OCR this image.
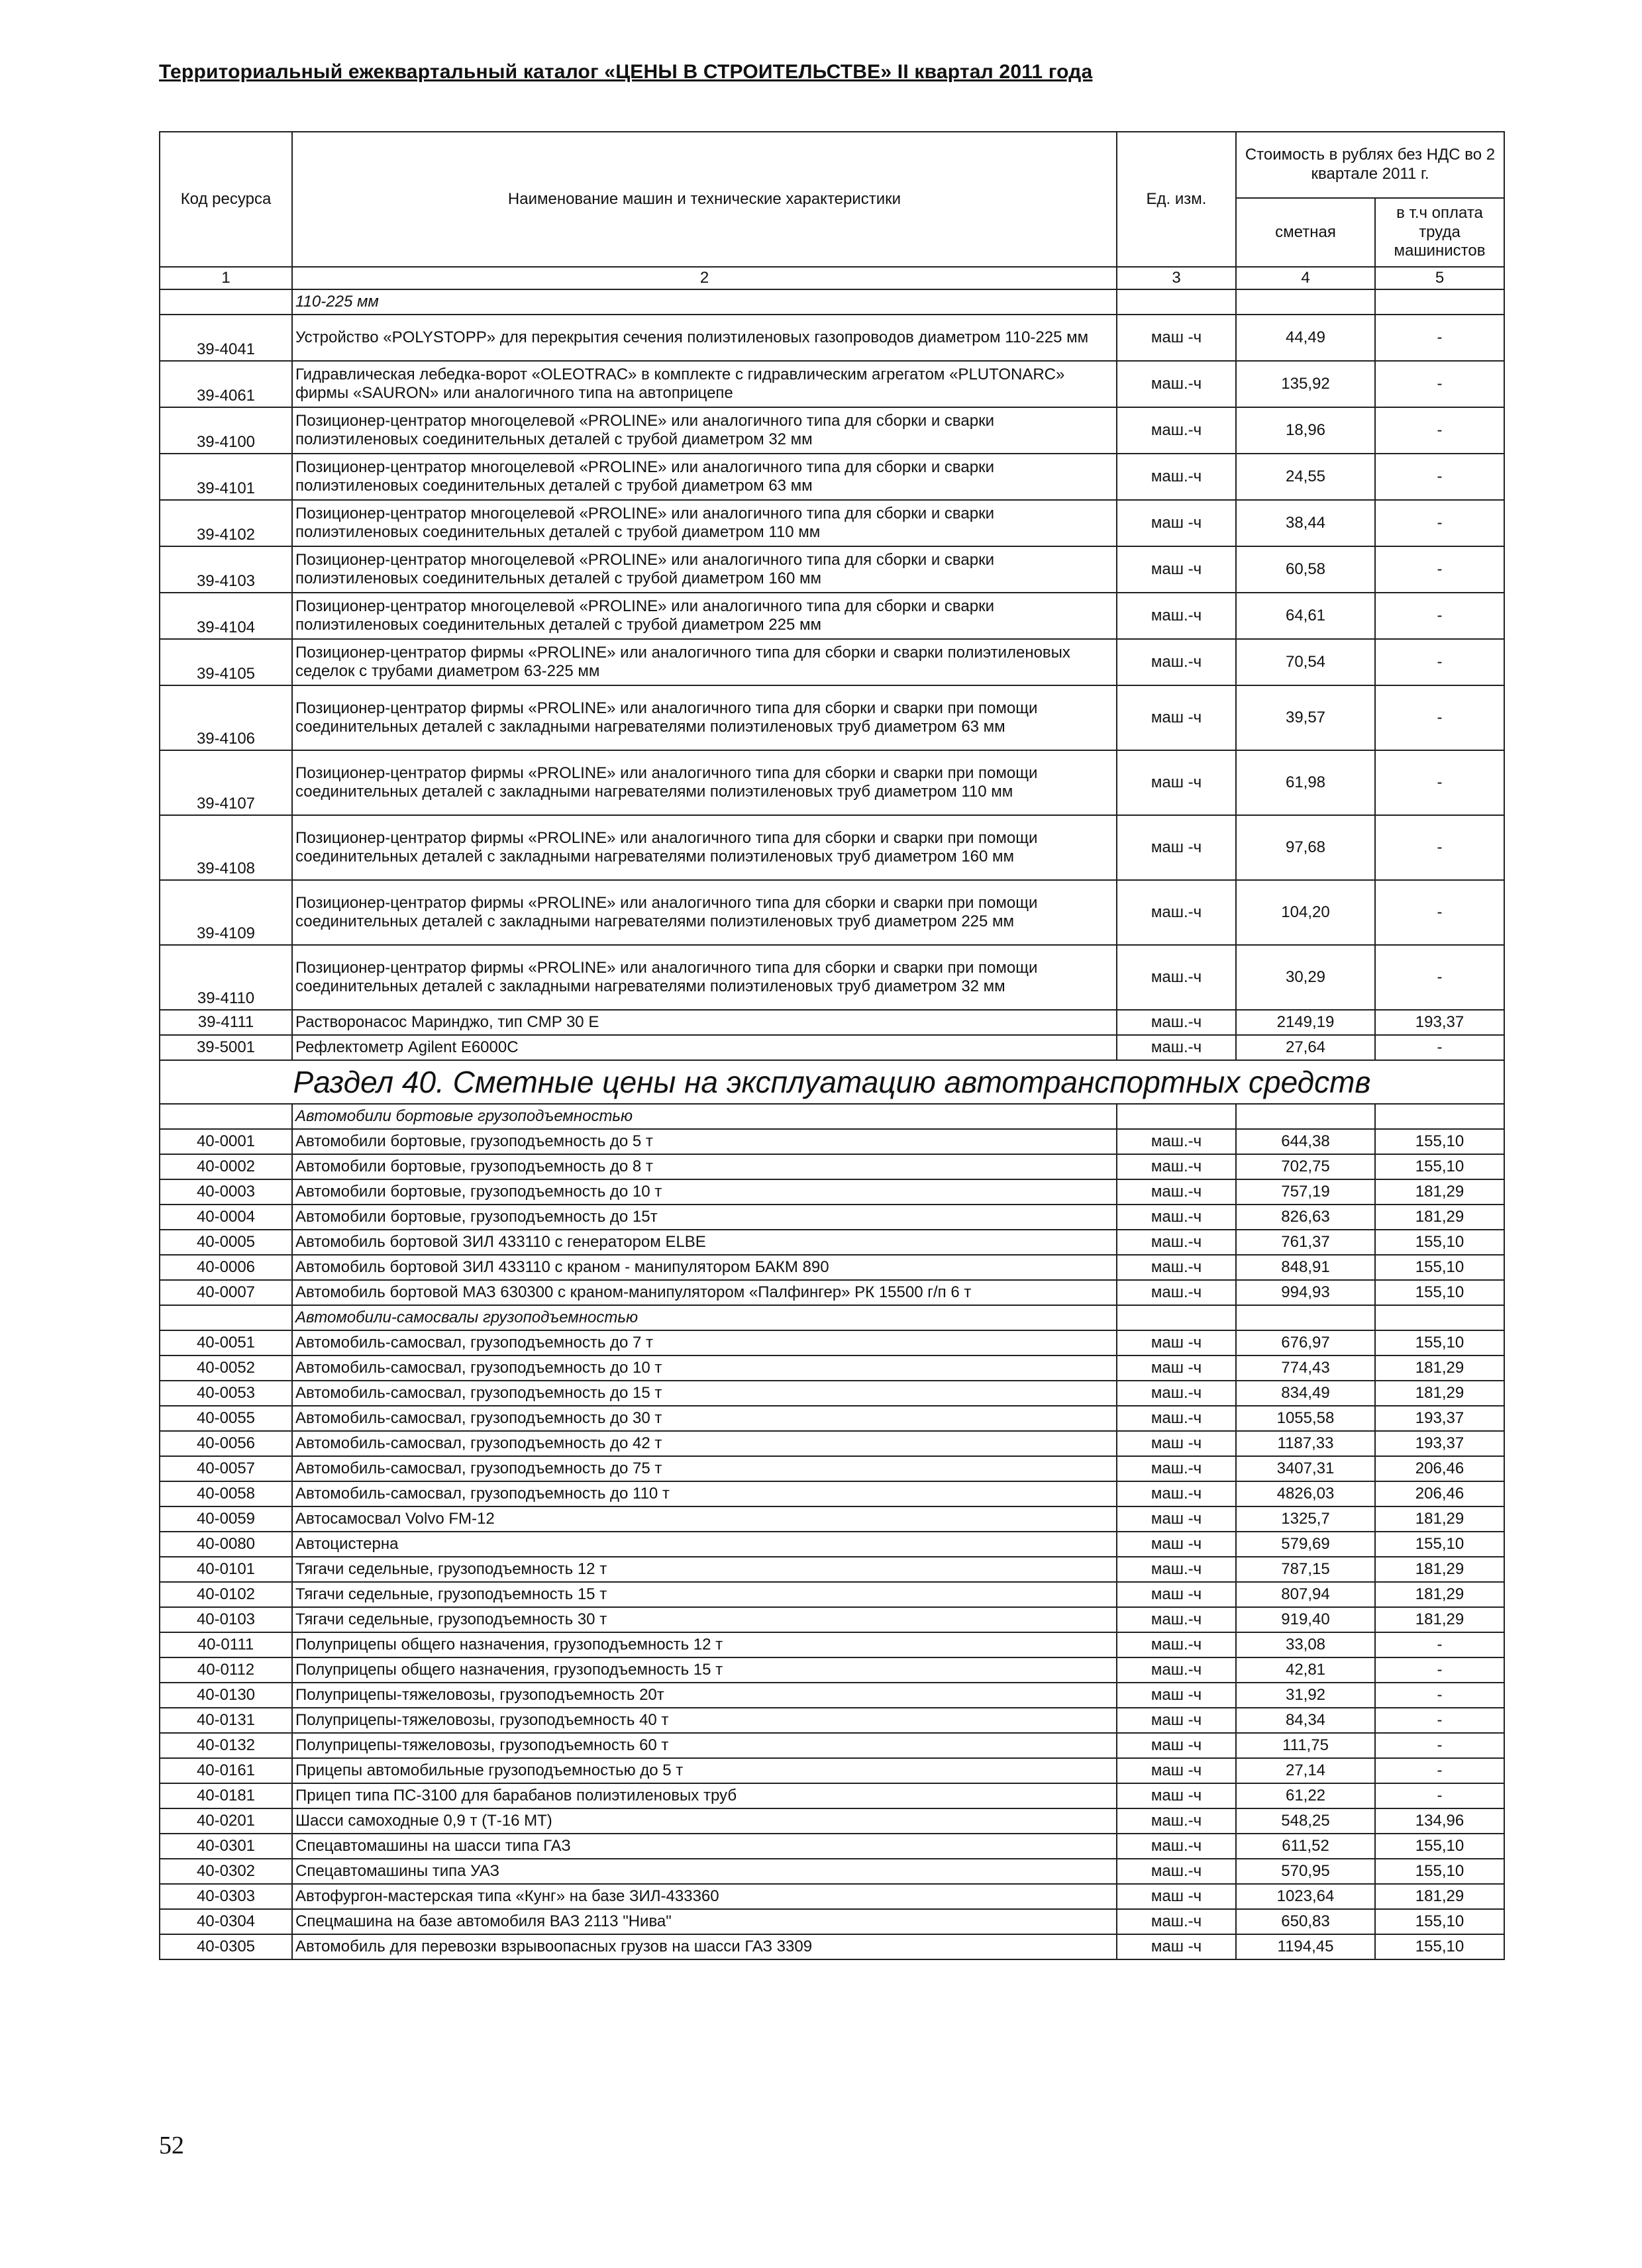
Территориальный ежеквартальный каталог «ЦЕНЫ В СТРОИТЕЛЬСТВЕ» II квартал 2011 года
Код ресурса	Наименование машин и технические характеристики	Ед. изм.	Стоимость в рублях без НДС во 2 квартале 2011 г.	
			сметная	в т.ч оплата труда машинистов
1	2	3	4	5
	110-225 мм			
39-4041	Устройство «POLYSTOPP» для перекрытия сечения полиэтиленовых газопроводов диаметром 110-225 мм	маш -ч	44,49	-
39-4061	Гидравлическая лебедка-ворот «OLEOTRAC» в комплекте с гидравлическим агрегатом «PLUTONARC» фирмы «SAURON» или аналогичного типа на автоприцепе	маш.-ч	135,92	-
39-4100	Позиционер-центратор многоцелевой «PROLINE» или аналогичного типа для сборки и сварки полиэтиленовых соединительных деталей с трубой диаметром 32 мм	маш.-ч	18,96	-
39-4101	Позиционер-центратор многоцелевой «PROLINE» или аналогичного типа для сборки и сварки полиэтиленовых соединительных деталей с трубой диаметром 63 мм	маш.-ч	24,55	-
39-4102	Позиционер-центратор многоцелевой «PROLINE» или аналогичного типа для сборки и сварки полиэтиленовых соединительных деталей с трубой диаметром 110 мм	маш -ч	38,44	-
39-4103	Позиционер-центратор многоцелевой «PROLINE» или аналогичного типа для сборки и сварки полиэтиленовых соединительных деталей с трубой диаметром 160 мм	маш -ч	60,58	-
39-4104	Позиционер-центратор многоцелевой «PROLINE» или аналогичного типа для сборки и сварки полиэтиленовых соединительных деталей с трубой диаметром 225 мм	маш.-ч	64,61	-
39-4105	Позиционер-центратор фирмы «PROLINE» или аналогичного типа для сборки и сварки полиэтиленовых седелок с трубами диаметром 63-225 мм	маш.-ч	70,54	-
39-4106	Позиционер-центратор фирмы «PROLINE» или аналогичного типа для сборки и сварки при помощи соединительных деталей с закладными нагревателями полиэтиленовых труб диаметром 63 мм	маш -ч	39,57	-
39-4107	Позиционер-центратор фирмы «PROLINE» или аналогичного типа для сборки и сварки при помощи соединительных деталей с закладными нагревателями полиэтиленовых труб диаметром 110 мм	маш -ч	61,98	-
39-4108	Позиционер-центратор фирмы «PROLINE» или аналогичного типа для сборки и сварки при помощи соединительных деталей с закладными нагревателями полиэтиленовых труб диаметром 160 мм	маш -ч	97,68	-
39-4109	Позиционер-центратор фирмы «PROLINE» или аналогичного типа для сборки и сварки при помощи соединительных деталей с закладными нагревателями полиэтиленовых труб диаметром 225 мм	маш.-ч	104,20	-
39-4110	Позиционер-центратор фирмы «PROLINE» или аналогичного типа для сборки и сварки при помощи соединительных деталей с закладными нагревателями полиэтиленовых труб диаметром 32 мм	маш.-ч	30,29	-
39-4111	Растворонасос Маринджо, тип CMP 30 E	маш.-ч	2149,19	193,37
39-5001	Рефлектометр Agilent E6000C	маш.-ч	27,64	-
Раздел 40. Сметные цены на эксплуатацию автотранспортных средств				
	Автомобили бортовые грузоподъемностью			
40-0001	Автомобили бортовые, грузоподъемность до 5 т	маш.-ч	644,38	155,10
40-0002	Автомобили бортовые, грузоподъемность до 8 т	маш.-ч	702,75	155,10
40-0003	Автомобили бортовые, грузоподъемность до 10 т	маш.-ч	757,19	181,29
40-0004	Автомобили бортовые, грузоподъемность до 15т	маш.-ч	826,63	181,29
40-0005	Автомобиль бортовой ЗИЛ 433110 с генератором ELBE	маш.-ч	761,37	155,10
40-0006	Автомобиль бортовой ЗИЛ 433110 с краном - манипулятором БАКМ 890	маш.-ч	848,91	155,10
40-0007	Автомобиль бортовой МАЗ 630300 с краном-манипулятором «Палфингер» РК 15500 г/п 6 т	маш.-ч	994,93	155,10
	Автомобили-самосвалы грузоподъемностью			
40-0051	Автомобиль-самосвал, грузоподъемность до 7 т	маш -ч	676,97	155,10
40-0052	Автомобиль-самосвал, грузоподъемность до 10 т	маш -ч	774,43	181,29
40-0053	Автомобиль-самосвал, грузоподъемность до 15 т	маш.-ч	834,49	181,29
40-0055	Автомобиль-самосвал, грузоподъемность до 30 т	маш.-ч	1055,58	193,37
40-0056	Автомобиль-самосвал, грузоподъемность до 42 т	маш -ч	1187,33	193,37
40-0057	Автомобиль-самосвал, грузоподъемность до 75 т	маш.-ч	3407,31	206,46
40-0058	Автомобиль-самосвал, грузоподъемность до 110 т	маш.-ч	4826,03	206,46
40-0059	Автосамосвал Volvo FM-12	маш -ч	1325,7	181,29
40-0080	Автоцистерна	маш -ч	579,69	155,10
40-0101	Тягачи седельные, грузоподъемность 12 т	маш.-ч	787,15	181,29
40-0102	Тягачи седельные, грузоподъемность 15 т	маш -ч	807,94	181,29
40-0103	Тягачи седельные, грузоподъемность 30 т	маш.-ч	919,40	181,29
40-0111	Полуприцепы общего назначения, грузоподъемность 12 т	маш.-ч	33,08	-
40-0112	Полуприцепы общего назначения, грузоподъемность 15 т	маш.-ч	42,81	-
40-0130	Полуприцепы-тяжеловозы, грузоподъемность 20т	маш -ч	31,92	-
40-0131	Полуприцепы-тяжеловозы, грузоподъемность 40 т	маш -ч	84,34	-
40-0132	Полуприцепы-тяжеловозы, грузоподъемность 60 т	маш -ч	111,75	-
40-0161	Прицепы автомобильные грузоподъемностью до 5 т	маш -ч	27,14	-
40-0181	Прицеп типа ПС-3100 для барабанов полиэтиленовых труб	маш -ч	61,22	-
40-0201	Шасси самоходные 0,9 т (Т-16 МТ)	маш.-ч	548,25	134,96
40-0301	Спецавтомашины на шасси типа ГАЗ	маш.-ч	611,52	155,10
40-0302	Спецавтомашины типа УАЗ	маш.-ч	570,95	155,10
40-0303	Автофургон-мастерская типа «Кунг» на базе ЗИЛ-433360	маш -ч	1023,64	181,29
40-0304	Спецмашина на базе автомобиля ВАЗ 2113 "Нива"	маш.-ч	650,83	155,10
40-0305	Автомобиль для перевозки взрывоопасных грузов на шасси ГАЗ 3309	маш -ч	1194,45	155,10
52
